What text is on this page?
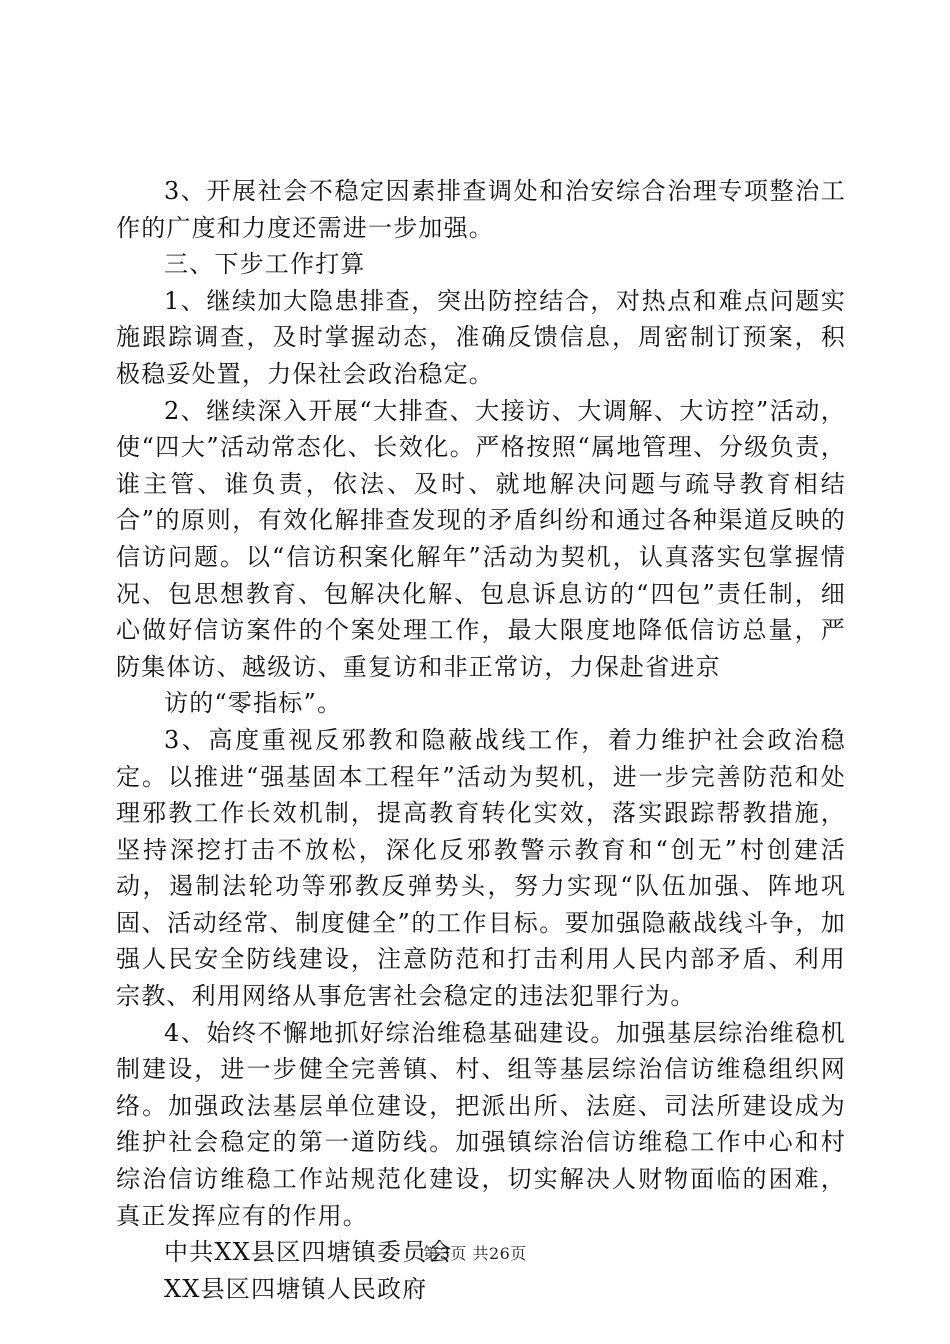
3、开展社会不稳定因素排查调处和治安综合治理专项整治工作的广度和力度还需进一步加强。

三、下步工作打算

1、继续加大隐患排查，突出防控结合，对热点和难点问题实施跟踪调查，及时掌握动态，准确反馈信息，周密制订预案，积极稳妥处置，力保社会政治稳定。

2、继续深入开展“大排查、大接访、大调解、大访控”活动，使“四大”活动常态化、长效化。严格按照“属地管理、分级负责，谁主管、谁负责，依法、及时、就地解决问题与疏导教育相结合”的原则，有效化解排查发现的矛盾纠纷和通过各种渠道反映的信访问题。以“信访积案化解年”活动为契机，认真落实包掌握情况、包思想教育、包解决化解、包息诉息访的“四包”责任制，细心做好信访案件的个案处理工作，最大限度地降低信访总量，严防集体访、越级访、重复访和非正常访，力保赴省进京

访的“零指标”。

3、高度重视反邪教和隐蔽战线工作，着力维护社会政治稳定。以推进“强基固本工程年”活动为契机，进一步完善防范和处理邪教工作长效机制，提高教育转化实效，落实跟踪帮教措施，坚持深挖打击不放松，深化反邪教警示教育和“创无”村创建活动，遏制法轮功等邪教反弹势头，努力实现“队伍加强、阵地巩固、活动经常、制度健全”的工作目标。要加强隐蔽战线斗争，加强人民安全防线建设，注意防范和打击利用人民内部矛盾、利用宗教、利用网络从事危害社会稳定的违法犯罪行为。

4、始终不懈地抓好综治维稳基础建设。加强基层综治维稳机制建设，进一步健全完善镇、村、组等基层综治信访维稳组织网络。加强政法基层单位建设，把派出所、法庭、司法所建设成为维护社会稳定的第一道防线。加强镇综治信访维稳工作中心和村综治信访维稳工作站规范化建设，切实解决人财物面临的困难，真正发挥应有的作用。

中共XX县区四塘镇委员会

XX县区四塘镇人民政府

第3页 共26页
